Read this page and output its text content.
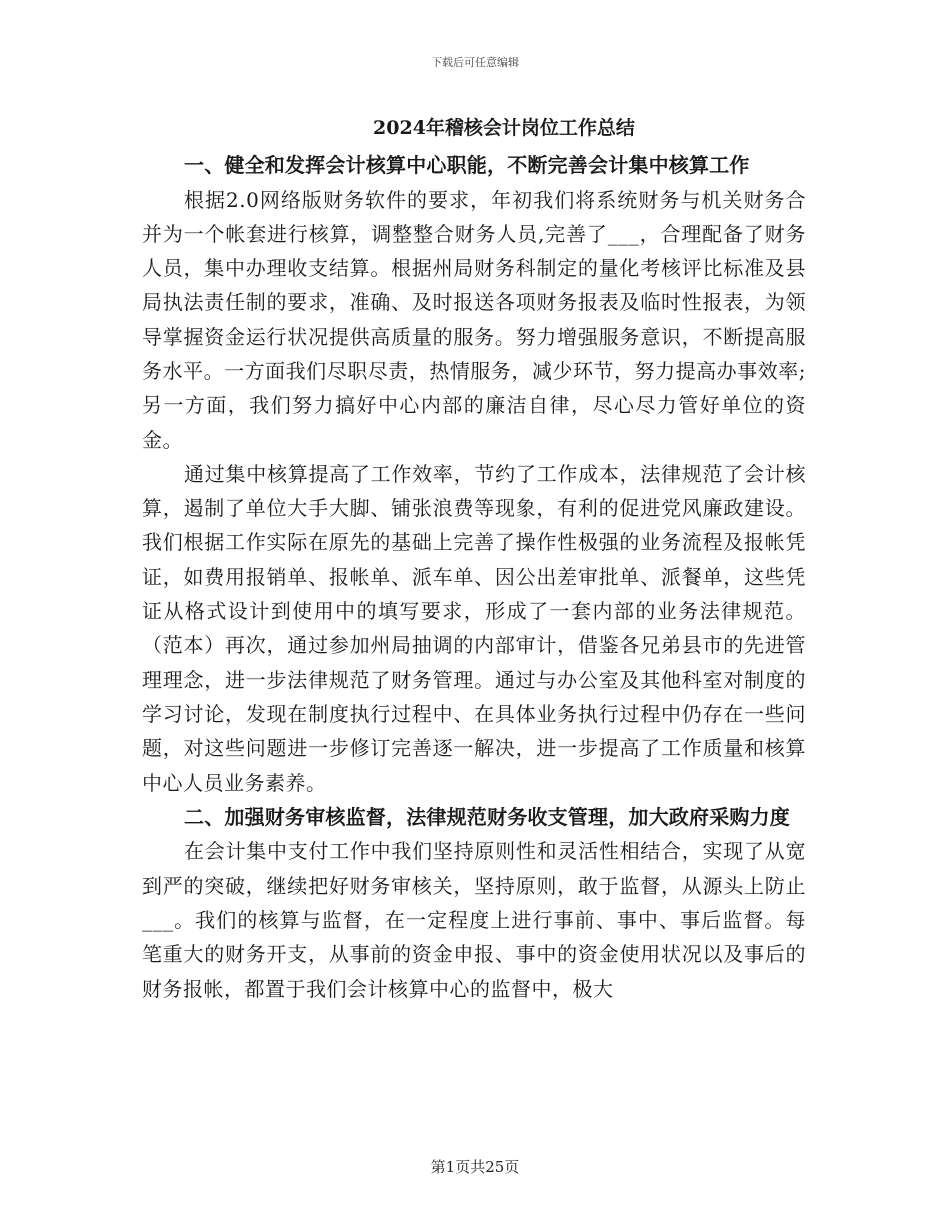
下载后可任意编辑
2024年稽核会计岗位工作总结

一、健全和发挥会计核算中心职能，不断完善会计集中核算工作

根据2.0网络版财务软件的要求，年初我们将系统财务与机关财务合并为一个帐套进行核算，调整整合财务人员,完善了___，合理配备了财务人员，集中办理收支结算。根据州局财务科制定的量化考核评比标准及县局执法责任制的要求，准确、及时报送各项财务报表及临时性报表，为领导掌握资金运行状况提供高质量的服务。努力增强服务意识，不断提高服务水平。一方面我们尽职尽责，热情服务，减少环节，努力提高办事效率;另一方面，我们努力搞好中心内部的廉洁自律，尽心尽力管好单位的资金。

通过集中核算提高了工作效率，节约了工作成本，法律规范了会计核算，遏制了单位大手大脚、铺张浪费等现象，有利的促进党风廉政建设。我们根据工作实际在原先的基础上完善了操作性极强的业务流程及报帐凭证，如费用报销单、报帐单、派车单、因公出差审批单、派餐单，这些凭证从格式设计到使用中的填写要求，形成了一套内部的业务法律规范。（范本）再次，通过参加州局抽调的内部审计，借鉴各兄弟县市的先进管理理念，进一步法律规范了财务管理。通过与办公室及其他科室对制度的学习讨论，发现在制度执行过程中、在具体业务执行过程中仍存在一些问题，对这些问题进一步修订完善逐一解决，进一步提高了工作质量和核算中心人员业务素养。

二、加强财务审核监督，法律规范财务收支管理，加大政府采购力度

在会计集中支付工作中我们坚持原则性和灵活性相结合，实现了从宽到严的突破，继续把好财务审核关，坚持原则，敢于监督，从源头上防止___。我们的核算与监督，在一定程度上进行事前、事中、事后监督。每笔重大的财务开支，从事前的资金申报、事中的资金使用状况以及事后的财务报帐，都置于我们会计核算中心的监督中，极大

第1页共25页
